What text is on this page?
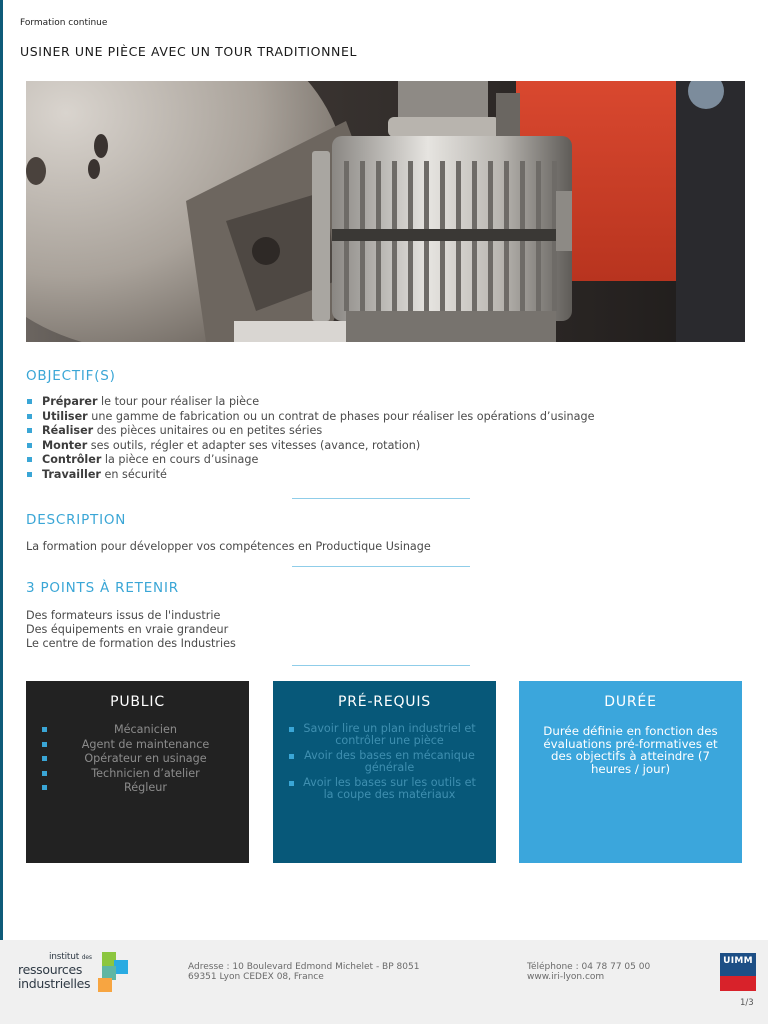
Formation continue
USINER UNE PIÈCE AVEC UN TOUR TRADITIONNEL
OBJECTIF(S)
Préparer le tour pour réaliser la pièce
Utiliser une gamme de fabrication ou un contrat de phases pour réaliser les opérations d’usinage
Réaliser des pièces unitaires ou en petites séries
Monter ses outils, régler et adapter ses vitesses (avance, rotation)
Contrôler la pièce en cours d’usinage
Travailler en sécurité
DESCRIPTION

La formation pour développer vos compétences en Productique Usinage

3 POINTS À RETENIR
Des formateurs issus de l'industrie
Des équipements en vraie grandeur
Le centre de formation des Industries
PUBLIC
Mécanicien
Agent de maintenance
Opérateur en usinage
Technicien d’atelier
Régleur
PRÉ-REQUIS
Savoir lire un plan industriel et contrôler une pièce
Avoir des bases en mécanique générale
Avoir les bases sur les outils et la coupe des matériaux
DURÉE
Durée définie en fonction des évaluations pré-formatives et des objectifs à atteindre (7 heures / jour)
institut des
ressources
industrielles
Adresse : 10 Boulevard Edmond Michelet - BP 8051
69351 Lyon CEDEX 08, France
Téléphone : 04 78 77 05 00
www.iri-lyon.com
UIMM
1/3
